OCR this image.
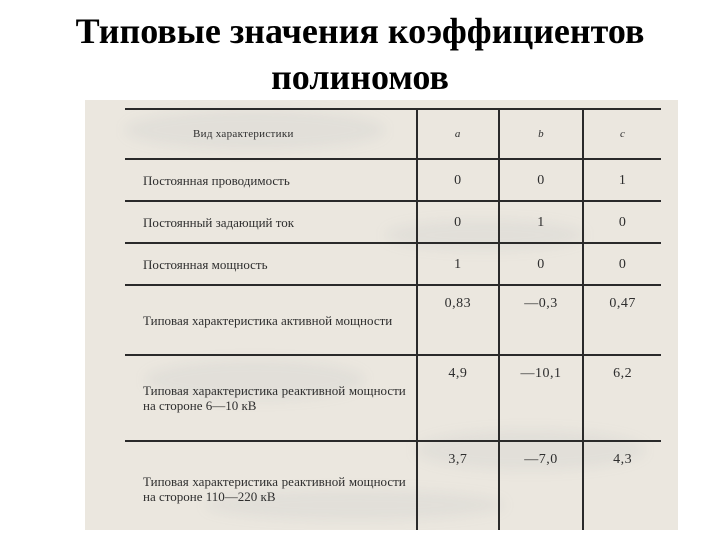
Типовые значения коэффициентов полиномов
Вид характеристики	a	b	c
Постоянная проводимость	0	0	1
Постоянный задающий ток	0	1	0
Постоянная мощность	1	0	0
Типовая характеристика активной мощности	0,83	—0,3	0,47
Типовая характеристика реактивной мощности на стороне 6—10 кВ	4,9	—10,1	6,2
Типовая характеристика реактивной мощности на стороне 110—220 кВ	3,7	—7,0	4,3
